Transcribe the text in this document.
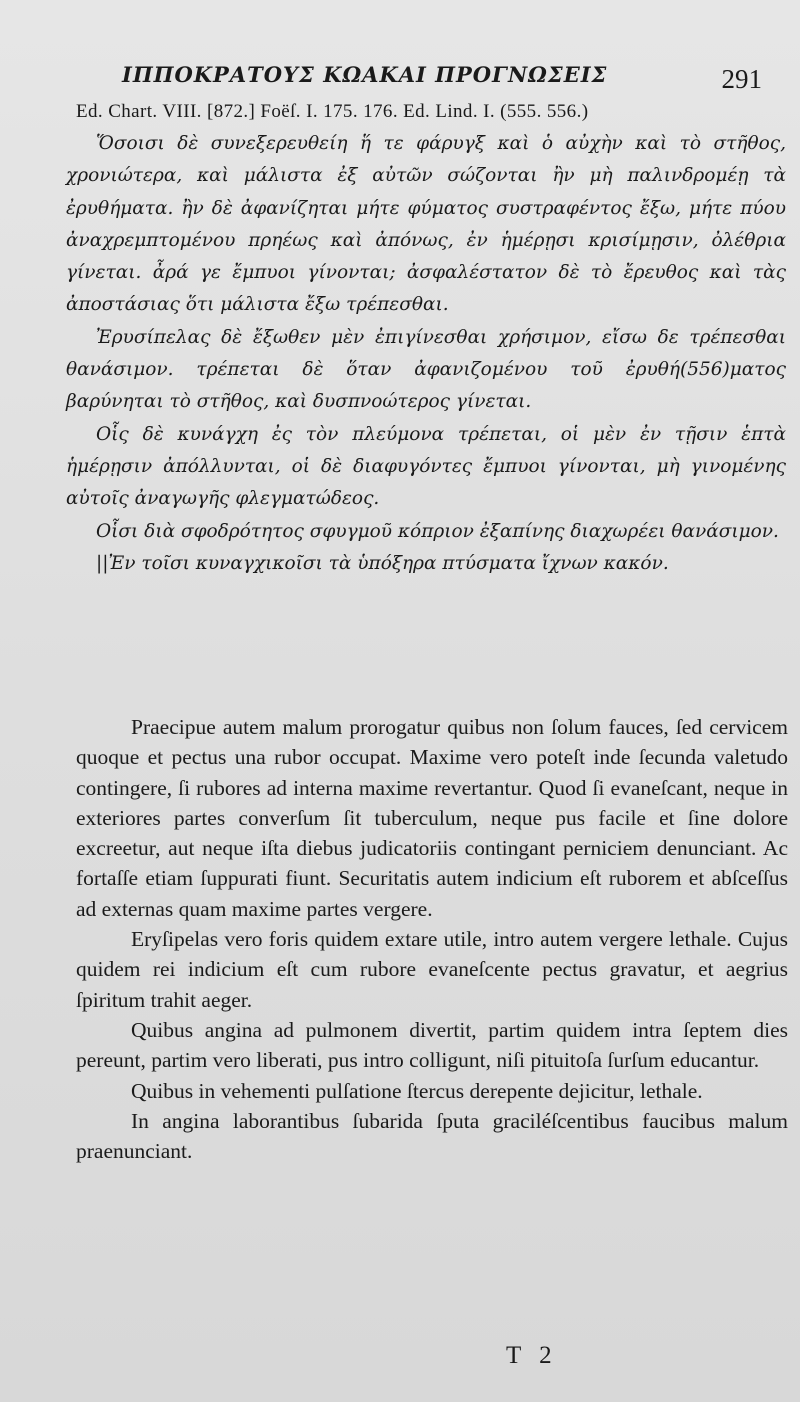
ΙΠΠΟΚΡΑΤΟΥΣ ΚΩΑΚΑΙ ΠΡΟΓΝΩΣΕΙΣ	291
Ed. Chart. VIII. [872.] Foëſ. I. 175. 176. Ed. Lind. I. (555. 556.)

Ὅσοισι δὲ συνεξερευθείη ἥ τε φάρυγξ καὶ ὁ αὐχὴν καὶ τὸ στῆθος, χρονιώτερα, καὶ μάλιστα ἐξ αὐτῶν σώζονται ἢν μὴ παλινδρομέῃ τὰ ἐρυθήματα. ἢν δὲ ἀφανίζηται μήτε φύματος συστραφέντος ἔξω, μήτε πύου ἀναχρεμπτομένου πρηέως καὶ ἀπόνως, ἐν ἡμέρῃσι κρισίμῃσιν, ὀλέθρια γίνεται. ἆρά γε ἔμπυοι γίνονται; ἀσφαλέστατον δὲ τὸ ἔρευθος καὶ τὰς ἀποστάσιας ὅτι μάλιστα ἔξω τρέπεσθαι.

Ἐρυσίπελας δὲ ἔξωθεν μὲν ἐπιγίνεσθαι χρήσιμον, εἴσω δε τρέπεσθαι θανάσιμον. τρέπεται δὲ ὅταν ἀφανιζομένου τοῦ ἐρυθή(556)ματος βαρύνηται τὸ στῆθος, καὶ δυσπνοώτερος γίνεται.

Οἷς δὲ κυνάγχη ἐς τὸν πλεύμονα τρέπεται, οἱ μὲν ἐν τῇσιν ἑπτὰ ἡμέρῃσιν ἀπόλλυνται, οἱ δὲ διαφυγόντες ἔμπυοι γίνονται, μὴ γινομένης αὐτοῖς ἀναγωγῆς φλεγματώδεος.

Οἷσι διὰ σφοδρότητος σφυγμοῦ κόπριον ἐξαπίνης διαχωρέει θανάσιμον.

||Ἐν τοῖσι κυναγχικοῖσι τὰ ὑπόξηρα πτύσματα ἴχνων κακόν.

Praecipue autem malum prorogatur quibus non ſolum fauces, ſed cervicem quoque et pectus una rubor occupat. Maxime vero poteſt inde ſecunda valetudo contingere, ſi rubores ad interna maxime revertantur. Quod ſi evaneſcant, neque in exteriores partes converſum ſit tuberculum, neque pus facile et ſine dolore excreetur, aut neque iſta diebus judicatoriis contingant perniciem denunciant. Ac fortaſſe etiam ſuppurati fiunt. Securitatis autem indicium eſt ruborem et abſceſſus ad externas quam maxime partes vergere.

Eryſipelas vero foris quidem extare utile, intro autem vergere lethale. Cujus quidem rei indicium eſt cum rubore evaneſcente pectus gravatur, et aegrius ſpiritum trahit aeger.

Quibus angina ad pulmonem divertit, partim quidem intra ſeptem dies pereunt, partim vero liberati, pus intro colligunt, niſi pituitoſa ſurſum educantur.

Quibus in vehementi pulſatione ſtercus derepente dejicitur, lethale.

In angina laborantibus ſubarida ſputa graciléſcentibus faucibus malum praenunciant.

T 2
